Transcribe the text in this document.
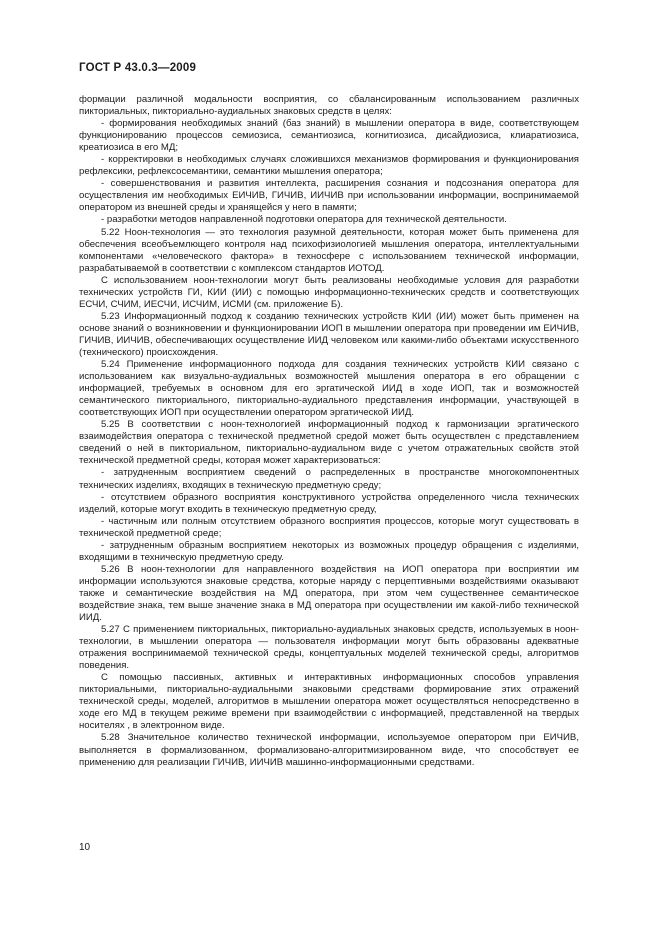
ГОСТ Р 43.0.3—2009

формации различной модальности восприятия, со сбалансированным использованием различных пикториальных, пикториально-аудиальных знаковых средств в целях:

- формирования необходимых знаний (баз знаний) в мышлении оператора в виде, соответствующем функционированию процессов семиозиса, семантиозиса, когнитиозиса, дисайдиозиса, клиаратиозиса, креатиозиса в его МД;

- корректировки в необходимых случаях сложившихся механизмов формирования и функционирования рефлексики, рефлексосемантики, семантики мышления оператора;

- совершенствования и развития интеллекта, расширения сознания и подсознания оператора для осуществления им необходимых ЕИЧИВ, ГИЧИВ, ИИЧИВ при использовании информации, воспринимаемой оператором из внешней среды и хранящейся у него в памяти;

- разработки методов направленной подготовки оператора для технической деятельности.

5.22 Ноон-технология — это технология разумной деятельности, которая может быть применена для обеспечения всеобъемлющего контроля над психофизиологией мышления оператора, интеллектуальными компонентами «человеческого фактора» в техносфере с использованием технической информации, разрабатываемой в соответствии с комплексом стандартов ИОТОД.

С использованием ноон-технологии могут быть реализованы необходимые условия для разработки технических устройств ГИ, КИИ (ИИ) с помощью информационно-технических средств и соответствующих ЕСЧИ, СЧИМ, ИЕСЧИ, ИСЧИМ, ИСМИ (см. приложение Б).

5.23 Информационный подход к созданию технических устройств КИИ (ИИ) может быть применен на основе знаний о возникновении и функционировании ИОП в мышлении оператора при проведении им ЕИЧИВ, ГИЧИВ, ИИЧИВ, обеспечивающих осуществление ИИД человеком или какими-либо объектами искусственного (технического) происхождения.

5.24 Применение информационного подхода для создания технических устройств КИИ связано с использованием как визуально-аудиальных возможностей мышления оператора в его обращении с информацией, требуемых в основном для его эргатической ИИД в ходе ИОП, так и возможностей семантического пикториального, пикториально-аудиального представления информации, участвующей в соответствующих ИОП при осуществлении оператором эргатической ИИД.

5.25 В соответствии с ноон-технологией информационный подход к гармонизации эргатического взаимодействия оператора с технической предметной средой может быть осуществлен с представлением сведений о ней в пикториальном, пикториально-аудиальном виде с учетом отражательных свойств этой технической предметной среды, которая может характеризоваться:

- затрудненным восприятием сведений о распределенных в пространстве многокомпонентных технических изделиях, входящих в техническую предметную среду;

- отсутствием образного восприятия конструктивного устройства определенного числа технических изделий, которые могут входить в техническую предметную среду,

- частичным или полным отсутствием образного восприятия процессов, которые могут существовать в технической предметной среде;

- затрудненным образным восприятием некоторых из возможных процедур обращения с изделиями, входящими в техническую предметную среду.

5.26 В ноон-технологии для направленного воздействия на ИОП оператора при восприятии им информации используются знаковые средства, которые наряду с перцептивными воздействиями оказывают также и семантические воздействия на МД оператора, при этом чем существеннее семантическое воздействие знака, тем выше значение знака в МД оператора при осуществлении им какой-либо технической ИИД.

5.27 С применением пикториальных, пикториально-аудиальных знаковых средств, используемых в ноон-технологии, в мышлении оператора — пользователя информации могут быть образованы адекватные отражения воспринимаемой технической среды, концептуальных моделей технической среды, алгоритмов поведения.

С помощью пассивных, активных и интерактивных информационных способов управления пикториальными, пикториально-аудиальными знаковыми средствами формирование этих отражений технической среды, моделей, алгоритмов в мышлении оператора может осуществляться непосредственно в ходе его МД в текущем режиме времени при взаимодействии с информацией, представленной на твердых носителях , в электронном виде.

5.28 Значительное количество технической информации, используемое оператором при ЕИЧИВ, выполняется в формализованном, формализовано-алгоритмизированном виде, что способствует ее применению для реализации ГИЧИВ, ИИЧИВ машинно-информационными средствами.

10
